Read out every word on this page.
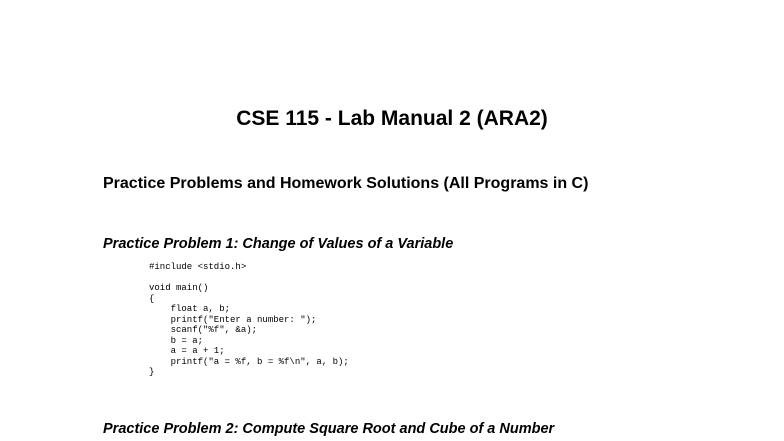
CSE 115 - Lab Manual 2 (ARA2)
Practice Problems and Homework Solutions (All Programs in C)
Practice Problem 1: Change of Values of a Variable
#include <stdio.h>
void main()
{
float a, b;
printf("Enter a number: ");
scanf("%f", &a);
b = a;
a = a + 1;
printf("a = %f, b = %f\n", a, b);
}
Practice Problem 2: Compute Square Root and Cube of a Number
